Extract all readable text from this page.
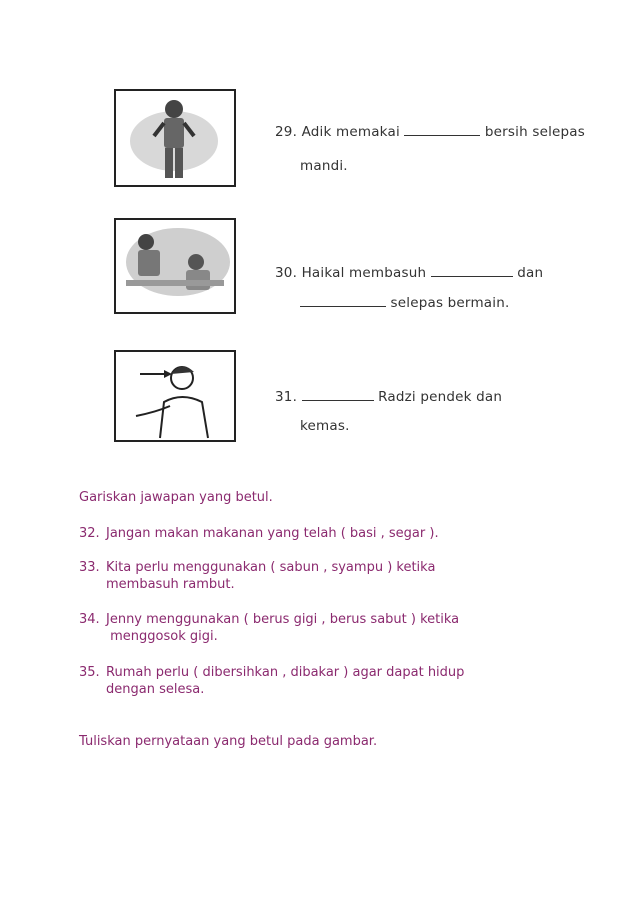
29. Adik memakai	bersih selepas
mandi.
30. Haikal membasuh	dan
selepas bermain.
31.	Radzi pendek dan
kemas.
Gariskan jawapan yang betul.
32. Jangan makan makanan yang telah ( basi , segar ).
33. Kita perlu menggunakan ( sabun , syampu ) ketika
membasuh rambut.
34. Jenny menggunakan ( berus gigi , berus sabut ) ketika
menggosok gigi.
35. Rumah perlu ( dibersihkan , dibakar ) agar dapat hidup
dengan selesa.
Tuliskan pernyataan yang betul pada gambar.
